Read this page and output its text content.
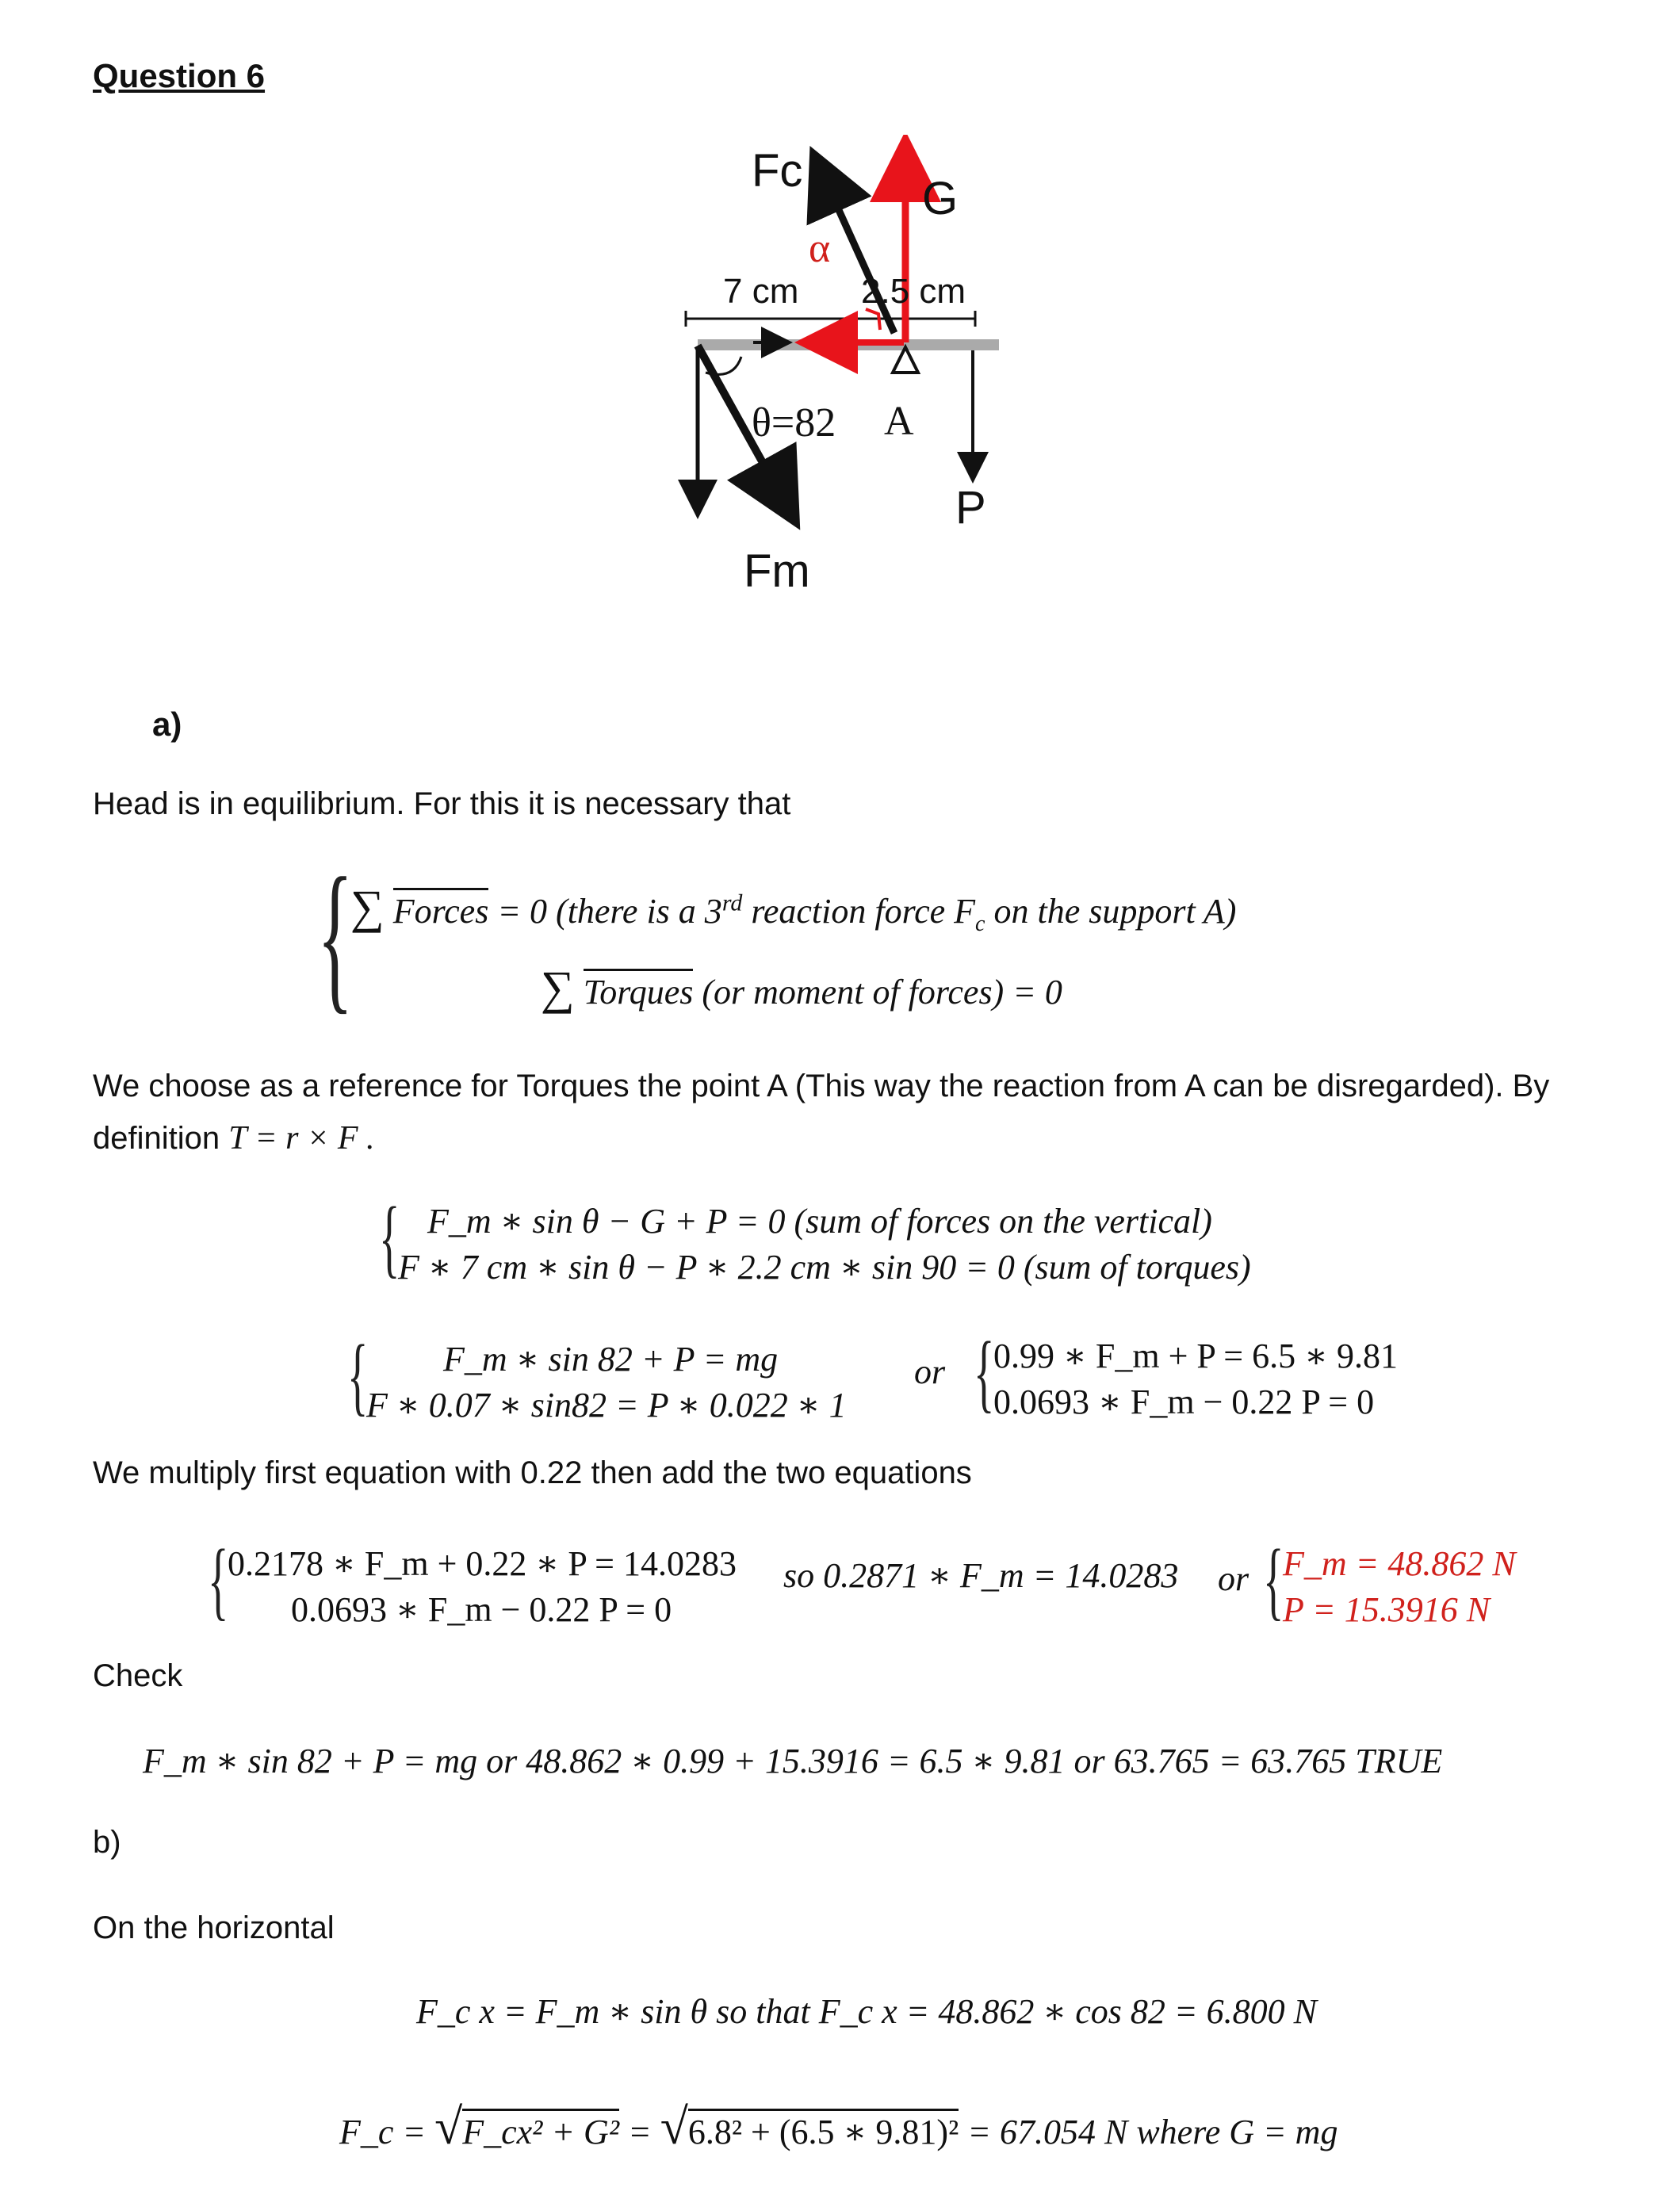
Question 6
Fc
G
α
7 cm 2.5 cm
θ=82 A
P
Fm
a)
Head is in equilibrium. For this it is necessary that
{
∑ Forces = 0 (there is a 3rd reaction force $F_c$ on the support A)
∑ Torques (or moment of forces) = 0
We choose as a reference for Torques the point A (This way the reaction from A can be disregarded). By
definition T = r × F .
{ F_m ∗ sin θ − G + P = 0 (sum of forces on the vertical)
F ∗ 7 cm ∗ sin θ − P ∗ 2.2 cm ∗ sin 90 = 0 (sum of torques)
{	F_m ∗ sin 82 + P = mg
F ∗ 0.07 ∗ sin82 = P ∗ 0.022 ∗ 1
or {
0.99 ∗ F_m + P = 6.5 ∗ 9.81
0.0693 ∗ F_m − 0.22 P = 0
We multiply first equation with 0.22 then add the two equations
{
0.2178 ∗ F_m + 0.22 ∗ P = 14.0283
0.0693 ∗ F_m − 0.22 P = 0
so 0.2871 ∗ F_m = 14.0283 or {
F_m = 48.862 N
P = 15.3916 N
Check
F_m ∗ sin 82 + P = mg or 48.862 ∗ 0.99 + 15.3916 = 6.5 ∗ 9.81 or 63.765 = 63.765 TRUE
b)
On the horizontal
F_c x = F_m ∗ sin θ so that F_c x = 48.862 ∗ cos 82 = 6.800 N
F_c = √F_cx² + G² = √6.8² + (6.5 ∗ 9.81)² = 67.054 N where G = mg
